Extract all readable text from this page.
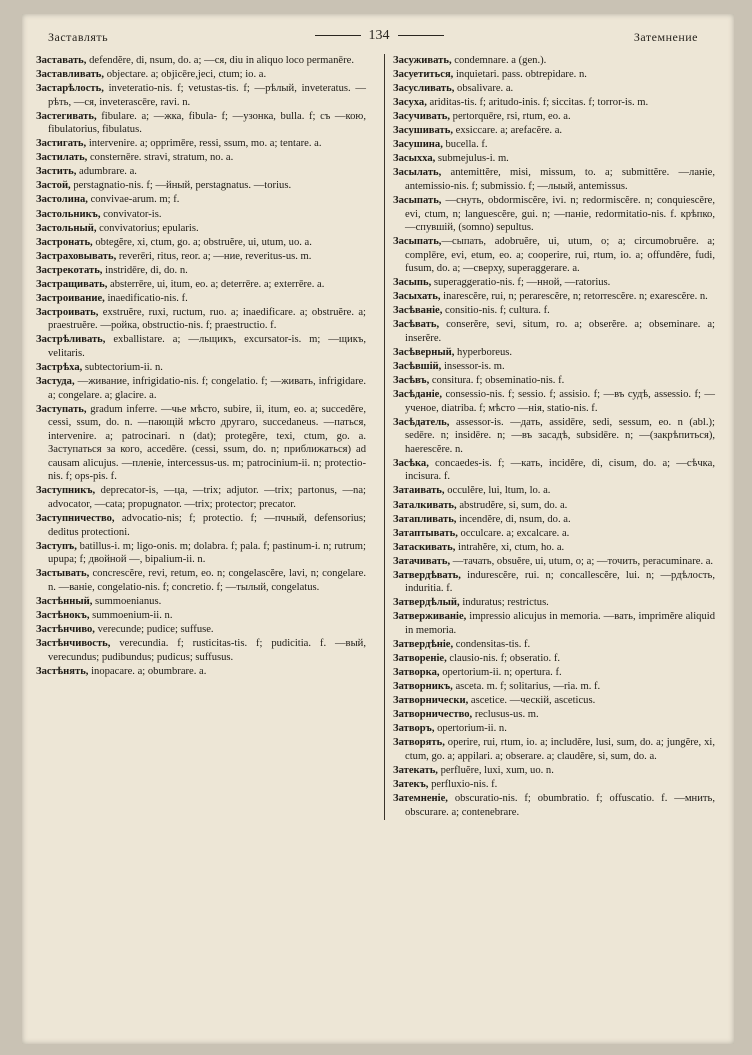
Заставлять	134	Затемнение
Заставать, defendĕre, di, nsum, do. a; —ся, diu in aliquo loco permanēre.
Заставливать, objectare. a; objicēre,jeci, ctum; io. a.
Застарѣлость, inveteratio-nis. f; vetustas-tis. f; —рѣлый, inveteratus. —рѣть, —ся, inveterascēre, ravi. n.
Застегивать, fibulare. a; —жка, fibula- f; —узонка, bulla. f; съ —кою, fibulatorius, fibulatus.
Застигать, intervenire. a; opprimēre, ressi, ssum, mo. a; tentare. a.
Застилать, consternēre. stravi, stratum, no. a.
Застить, adumbrare. a.
Застой, perstagnatio-nis. f; —йный, perstagnatus. —torius.
Застолина, convivae-arum. m; f.
Застольникъ, convivator-is.
Застольный, convivatorius; epularis.
Застронать, obtegĕre, xi, ctum, go. a; obstruĕre, ui, utum, uo. a.
Застраховывать, reverēri, ritus, reor. a; —ние, reveritus-us. m.
Застрекотать, instridēre, di, do. n.
Застращивать, absterrēre, ui, itum, eo. a; deterrēre. a; exterrēre. a.
Застроивание, inaedificatio-nis. f.
Застроивать, exstruĕre, ruxi, ructum, ruo. a; inaedificare. a; obstruĕre. a; praestruĕre. —ройка, obstructio-nis. f; praestructio. f.
Застрѣливать, exballistare. a; —льщикъ, excursator-is. m; —щикъ, velitaris.
Застрѣха, subtectorium-ii. n.
Застуда, —живание, infrigidatio-nis. f; congelatio. f; —живать, infrigidare. a; congelare. a; glacire. a.
Заступать, gradum inferre. —чье мѣсто, subire, ii, itum, eo. a; succedĕre, cessi, ssum, do. n. —пающій мѣсто другаго, succedaneus. —паться, intervenire. a; patrocinari. n (dat); protegĕre, texi, ctum, go. a. Заступаться за кого, accedēre. (cessi, ssum, do. n; приближаться) ad causam alicujus. —пленіе, intercessus-us. m; patrocinium-ii. n; protectio-nis. f; ops-pis. f.
Заступникъ, deprecator-is, —ца, —trix; adjutor. —trix; partonus, —na; advocator, —cata; propugnator. —trix; protector; precator.
Заступничество, advocatio-nis; f; protectio. f; —пчный, defensorius; deditus protectioni.
Заступъ, batillus-i. m; ligo-onis. m; dolabra. f; pala. f; pastinum-i. n; rutrum; upupa; f; двойной —, bipalium-ii. n.
Застывать, concrescĕre, revi, retum, eo. n; congelascĕre, lavi, n; congelare. n. —ваніе, congelatio-nis. f; concretio. f; —тылый, congelatus.
Застѣнный, summoenianus.
Застѣнокъ, summoenium-ii. n.
Застѣнчиво, verecunde; pudice; suffuse.
Застѣнчивость, verecundia. f; rusticitas-tis. f; pudicitia. f. —вый, verecundus; pudibundus; pudicus; suffusus.
Застѣнять, inopacare. a; obumbrare. a.
Засуживать, condemnare. a (gen.).
Засуетиться, inquietari. pass. obtrepidare. n.
Засусливать, obsalivare. a.
Засуха, ariditas-tis. f; aritudo-inis. f; siccitas. f; torror-is. m.
Засучивать, pertorquēre, rsi, rtum, eo. a.
Засушивать, exsiccare. a; arefacĕre. a.
Засушина, bucella. f.
Засыхха, submejulus-i. m.
Засылать, antemittĕre, misi, missum, to. a; submittĕre. —ланіе, antemissio-nis. f; submissio. f; —лыый, antemissus.
Засыпать, —снуть, obdormiscĕre, ivi. n; redormiscĕre. n; conquiescĕre, evi, ctum, n; languescĕre, gui. n; —паніе, redormitatio-nis. f. крѣпко, —спувшій, (somno) sepultus.
Засыпать,—сыпать, adobruĕre, ui, utum, o; a; circumobruĕre. a; complēre, evi, etum, eo. a; cooperire, rui, rtum, io. a; offundĕre, fudi, fusum, do. a; —сверху, superaggerare. a.
Засыпь, superaggeratio-nis. f; —нной, —ratorius.
Засыхать, inarescĕre, rui, n; perarescĕre, n; retorrescĕre. n; exarescĕre. n.
Засѣваніе, consitio-nis. f; cultura. f.
Засѣвать, conserĕre, sevi, situm, ro. a; obserĕre. a; obseminare. a; inserĕre.
Засѣверный, hyperboreus.
Засѣвшій, insessor-is. m.
Засѣвъ, consitura. f; obseminatio-nis. f.
Засѣданіе, consessio-nis. f; sessio. f; assisio. f; —въ судѣ, assessio. f; —ученое, diatriba. f; мѣсто —нія, statio-nis. f.
Засѣдатель, assessor-is. —дать, assidēre, sedi, sessum, eo. n (abl.); sedēre. n; insidēre. n; —въ засадѣ, subsidēre. n; —(закрѣпиться), haerescĕre. n.
Засѣка, concaedes-is. f; —кать, incidĕre, di, cisum, do. a; —сѣчка, incisura. f.
Затаивать, occulĕre, lui, ltum, lo. a.
Заталкивать, abstrudĕre, si, sum, do. a.
Затапливать, incendĕre, di, nsum, do. a.
Затаптывать, occulcare. a; excalcare. a.
Затаскивать, intrahĕre, xi, ctum, ho. a.
Затачивать, —тачать, obsuĕre, ui, utum, o; a; —точить, peracuminare. a.
Затвердѣвать, induresсĕre, rui. n; concallescĕre, lui. n; —рдѣлость, induritia. f.
Затвердѣлый, induratus; restrictus.
Затверживаніе, impressio alicujus in memoria. —вать, imprimĕre aliquid in memoria.
Затвердѣніе, condensitas-tis. f.
Затвореніе, clausio-nis. f; obseratio. f.
Затворка, opertorium-ii. n; opertura. f.
Затворникъ, asceta. m. f; solitarius, —ria. m. f.
Затворнически, ascetice. —ческій, asceticus.
Затворничество, reclusus-us. m.
Затворъ, opertorium-ii. n.
Затворять, operire, rui, rtum, io. a; includĕre, lusi, sum, do. a; jungĕre, xi, ctum, go. a; appilari. a; obserare. a; claudĕre, si, sum, do. a.
Затекать, perfluĕre, luxi, xum, uo. n.
Затекъ, perfluxio-nis. f.
Затемненіе, obscuratio-nis. f; obumbratio. f; offuscatio. f. —мнить, obscurare. a; contenebrare.
